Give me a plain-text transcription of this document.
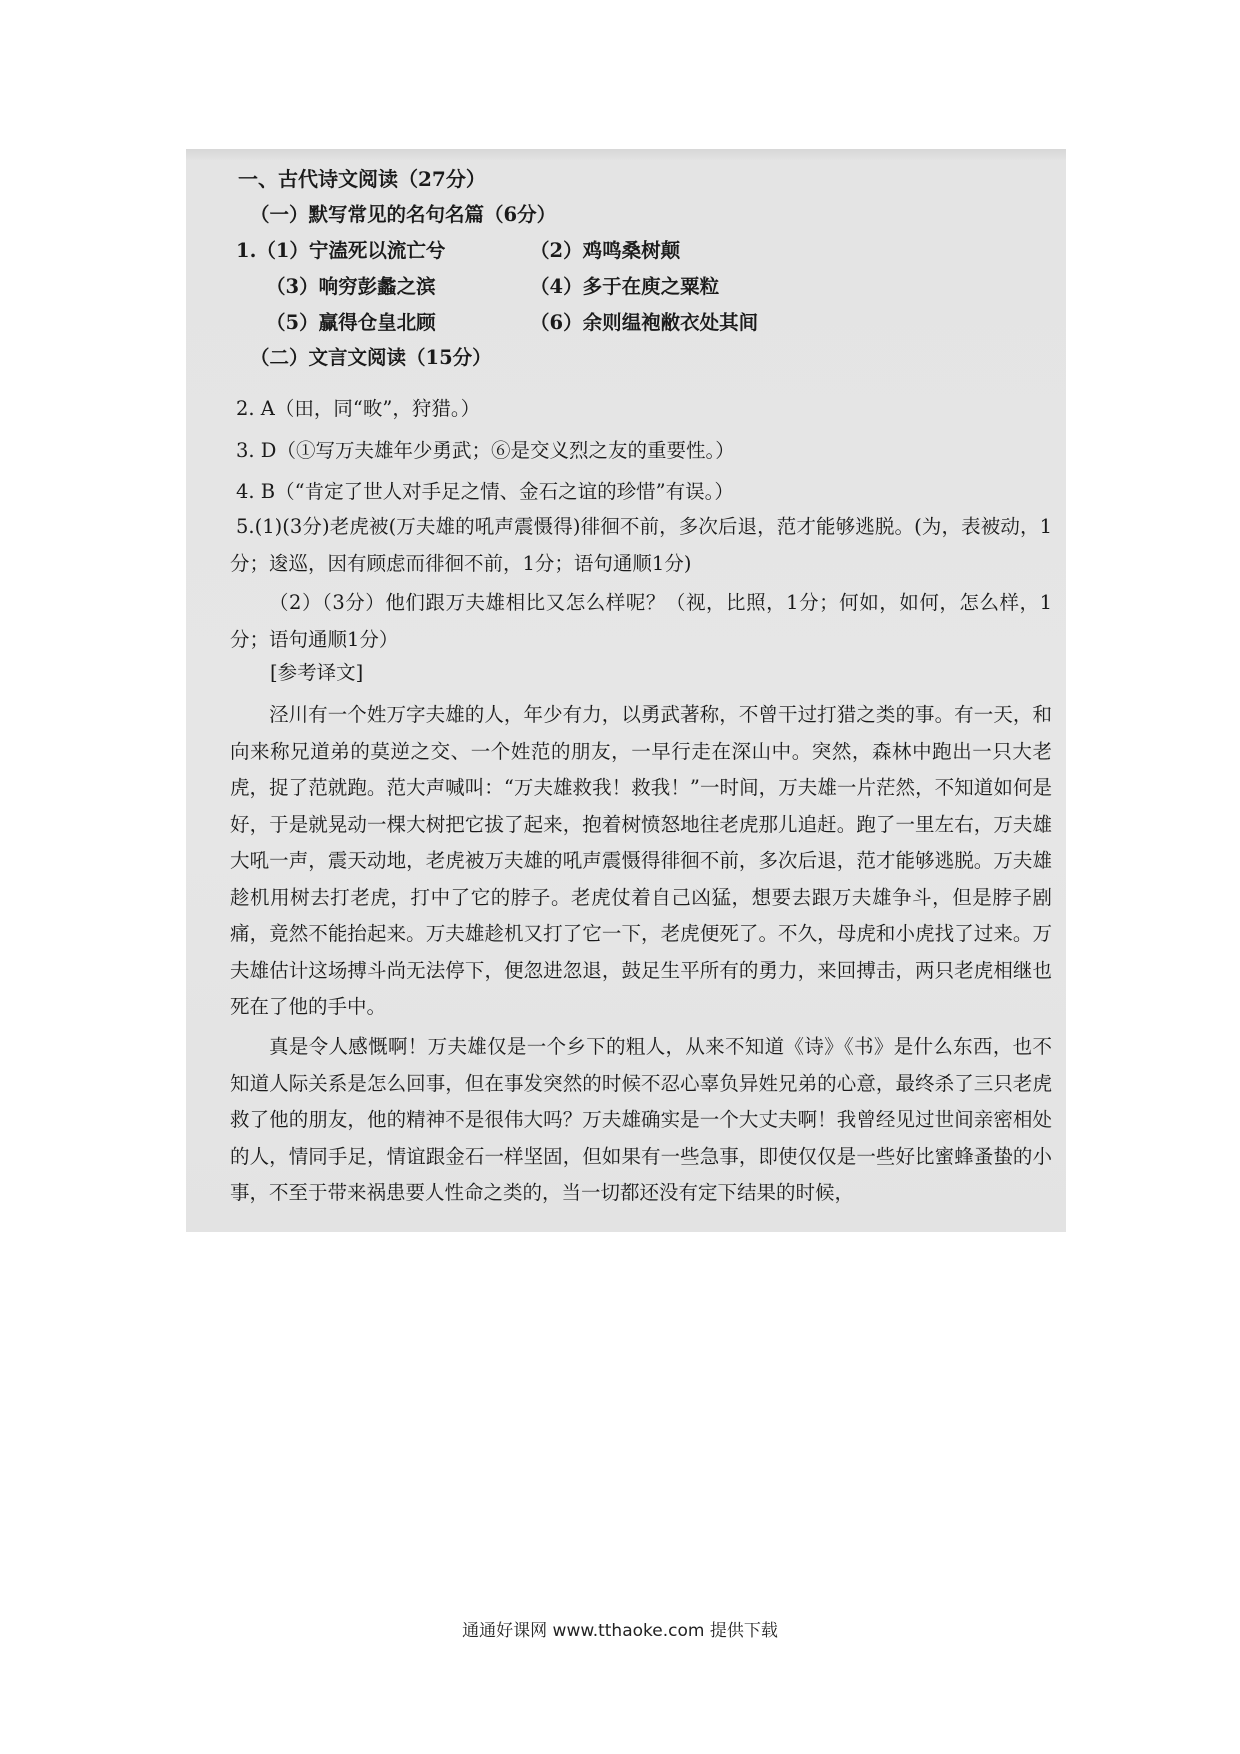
一、古代诗文阅读（27分）
（一）默写常见的名句名篇（6分）
1.（1）宁溘死以流亡兮	（2）鸡鸣桑树颠
（3）响穷彭蠡之滨	（4）多于在庾之粟粒
（5）赢得仓皇北顾	（6）余则缊袍敝衣处其间
（二）文言文阅读（15分）
2. A（田，同“畋”，狩猎。）
3. D（①写万夫雄年少勇武；⑥是交义烈之友的重要性。）
4. B（“肯定了世人对手足之情、金石之谊的珍惜”有误。）
5.(1)(3分)老虎被(万夫雄的吼声震慑得)徘徊不前，多次后退，范才能够逃脱。(为，表被动，1分；逡巡，因有顾虑而徘徊不前，1分；语句通顺1分)
（2）（3分）他们跟万夫雄相比又怎么样呢？（视，比照，1分；何如，如何，怎么样，1分；语句通顺1分）
[参考译文]
泾川有一个姓万字夫雄的人，年少有力，以勇武著称，不曾干过打猎之类的事。有一天，和向来称兄道弟的莫逆之交、一个姓范的朋友，一早行走在深山中。突然，森林中跑出一只大老虎，捉了范就跑。范大声喊叫：“万夫雄救我！救我！”一时间，万夫雄一片茫然，不知道如何是好，于是就晃动一棵大树把它拔了起来，抱着树愤怒地往老虎那儿追赶。跑了一里左右，万夫雄大吼一声，震天动地，老虎被万夫雄的吼声震慑得徘徊不前，多次后退，范才能够逃脱。万夫雄趁机用树去打老虎，打中了它的脖子。老虎仗着自己凶猛，想要去跟万夫雄争斗，但是脖子剧痛，竟然不能抬起来。万夫雄趁机又打了它一下，老虎便死了。不久，母虎和小虎找了过来。万夫雄估计这场搏斗尚无法停下，便忽进忽退，鼓足生平所有的勇力，来回搏击，两只老虎相继也死在了他的手中。
真是令人感慨啊！万夫雄仅是一个乡下的粗人，从来不知道《诗》《书》是什么东西，也不知道人际关系是怎么回事，但在事发突然的时候不忍心辜负异姓兄弟的心意，最终杀了三只老虎救了他的朋友，他的精神不是很伟大吗？万夫雄确实是一个大丈夫啊！我曾经见过世间亲密相处的人，情同手足，情谊跟金石一样坚固，但如果有一些急事，即使仅仅是一些好比蜜蜂蚤蛰的小事，不至于带来祸患要人性命之类的，当一切都还没有定下结果的时候，
通通好课网 www.tthaoke.com 提供下载
